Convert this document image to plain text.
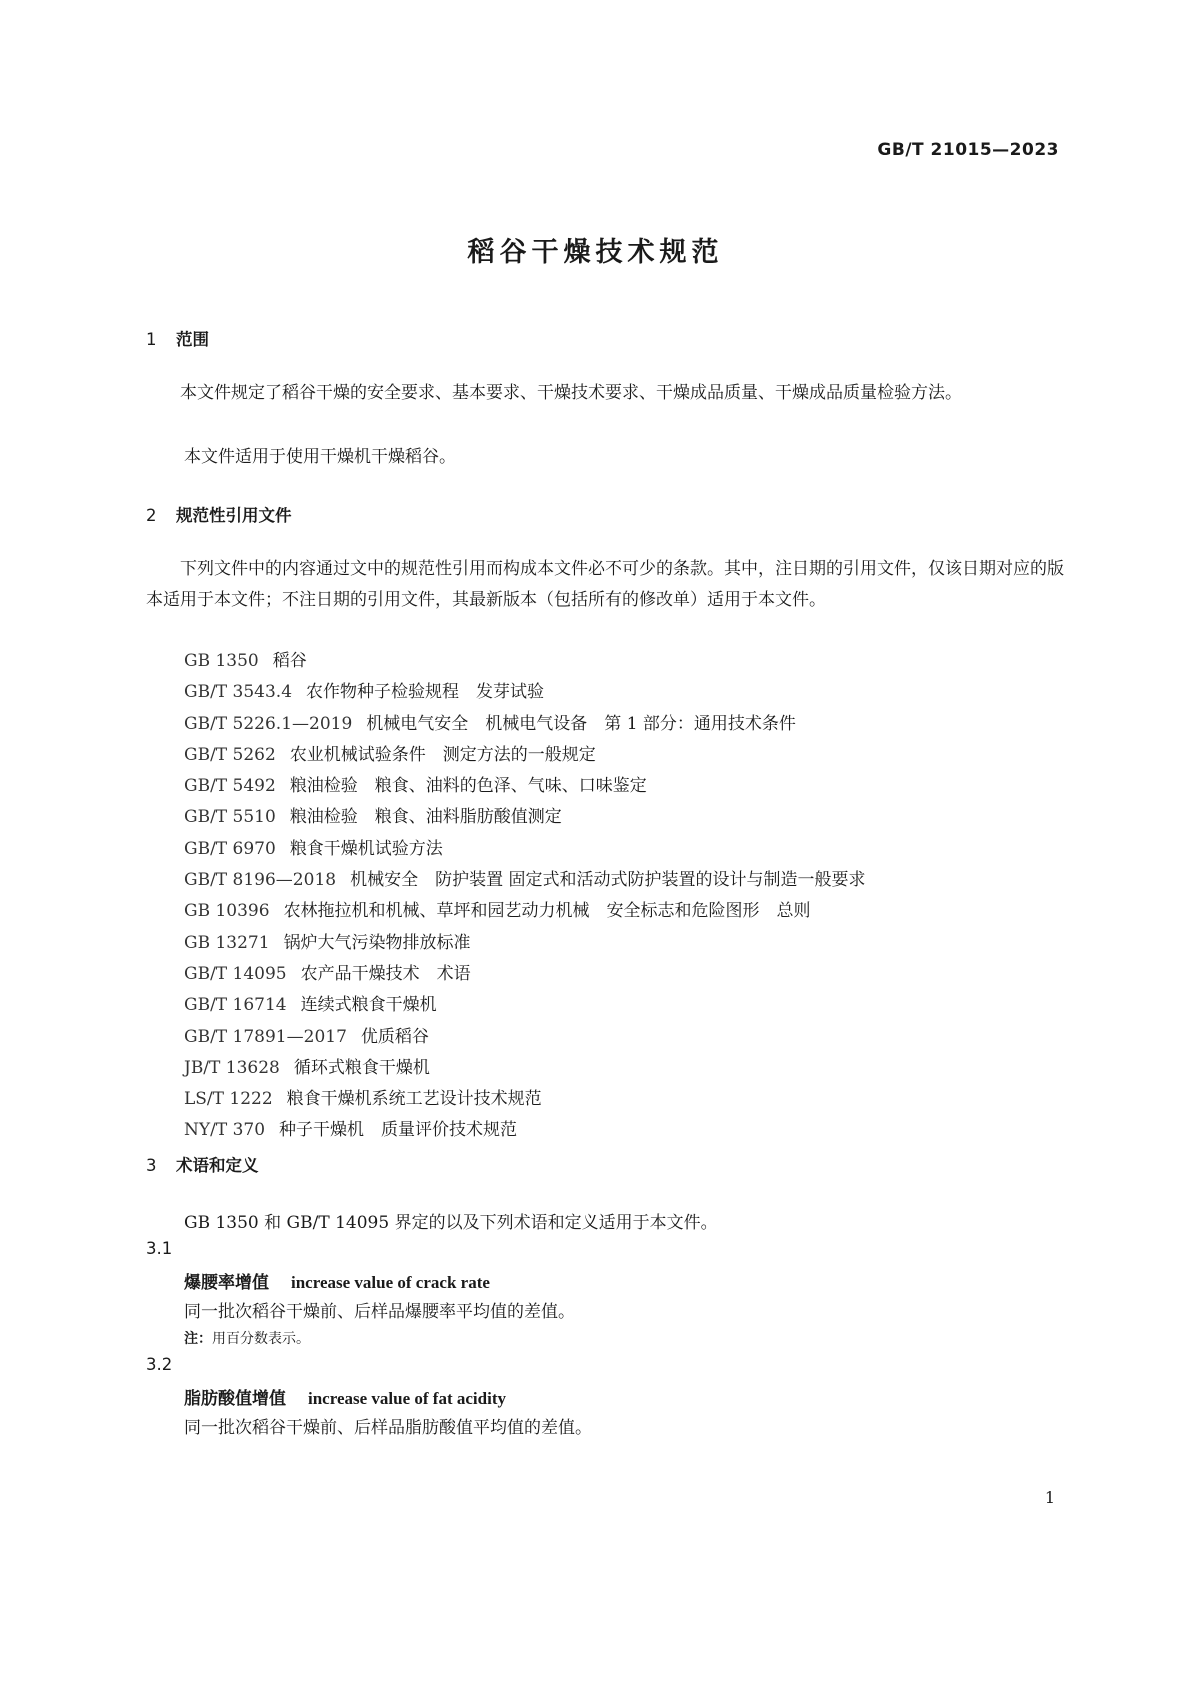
GB/T 21015—2023
稻谷干燥技术规范
1 范围
本文件规定了稻谷干燥的安全要求、基本要求、干燥技术要求、干燥成品质量、干燥成品质量检验方法。
本文件适用于使用干燥机干燥稻谷。
2 规范性引用文件
下列文件中的内容通过文中的规范性引用而构成本文件必不可少的条款。其中，注日期的引用文件，仅该日期对应的版本适用于本文件；不注日期的引用文件，其最新版本（包括所有的修改单）适用于本文件。
GB 1350 稻谷
GB/T 3543.4 农作物种子检验规程　发芽试验
GB/T 5226.1—2019 机械电气安全　机械电气设备　第 1 部分：通用技术条件
GB/T 5262 农业机械试验条件　测定方法的一般规定
GB/T 5492 粮油检验　粮食、油料的色泽、气味、口味鉴定
GB/T 5510 粮油检验　粮食、油料脂肪酸值测定
GB/T 6970 粮食干燥机试验方法
GB/T 8196—2018 机械安全　防护装置 固定式和活动式防护装置的设计与制造一般要求
GB 10396 农林拖拉机和机械、草坪和园艺动力机械　安全标志和危险图形　总则
GB 13271 锅炉大气污染物排放标准
GB/T 14095 农产品干燥技术　术语
GB/T 16714 连续式粮食干燥机
GB/T 17891—2017 优质稻谷
JB/T 13628 循环式粮食干燥机
LS/T 1222 粮食干燥机系统工艺设计技术规范
NY/T 370 种子干燥机　质量评价技术规范
3 术语和定义
GB 1350 和 GB/T 14095 界定的以及下列术语和定义适用于本文件。
3.1
爆腰率增值 increase value of crack rate
同一批次稻谷干燥前、后样品爆腰率平均值的差值。
注：用百分数表示。
3.2
脂肪酸值增值 increase value of fat acidity
同一批次稻谷干燥前、后样品脂肪酸值平均值的差值。
1
